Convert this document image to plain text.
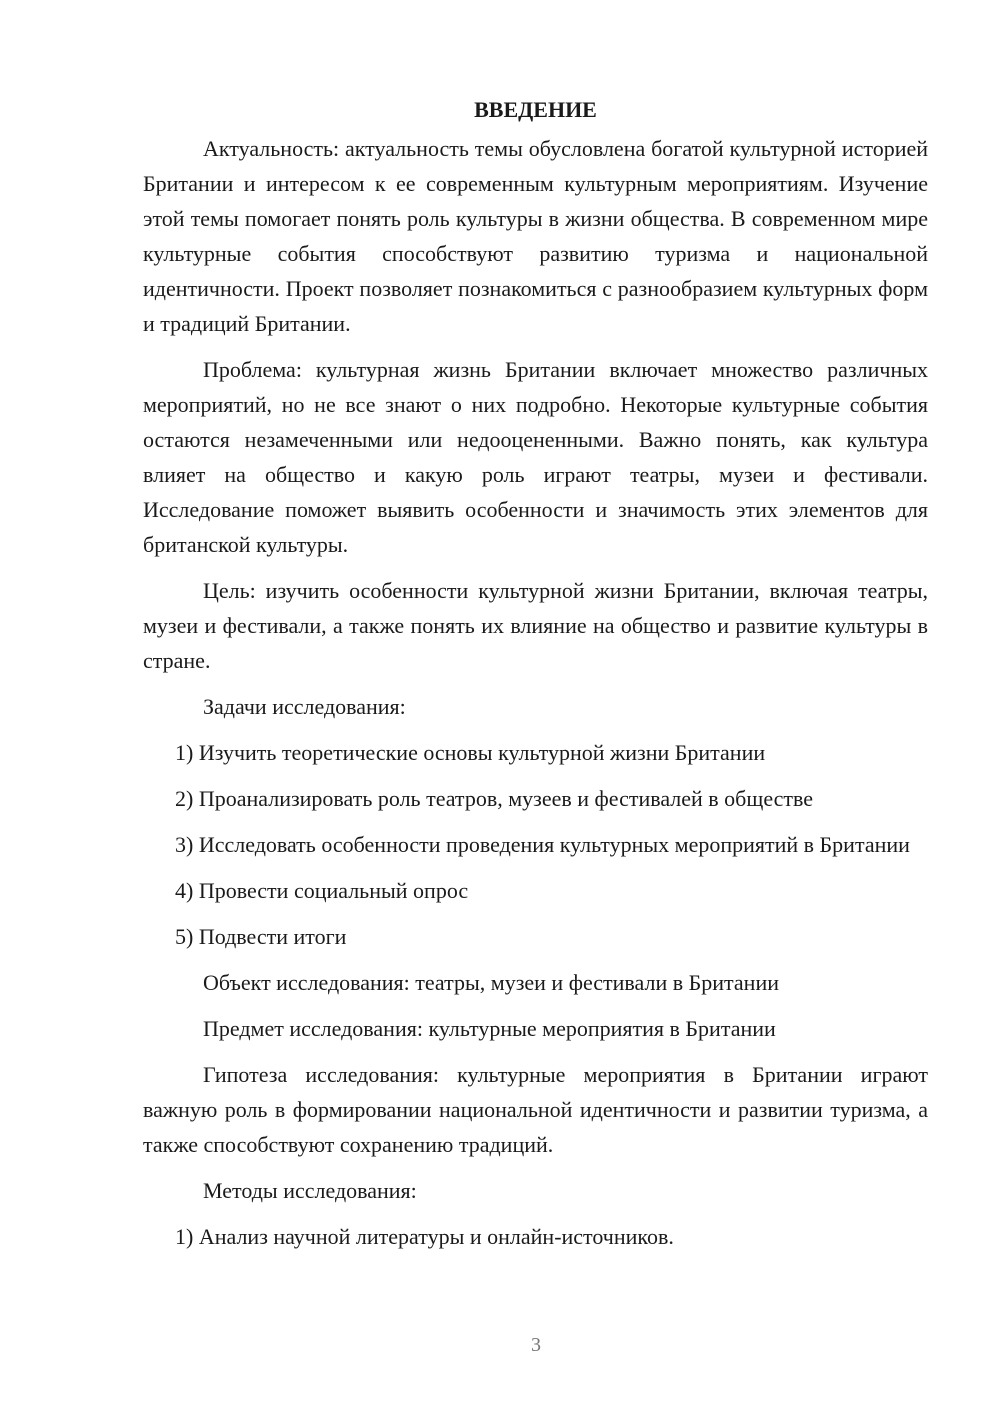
ВВЕДЕНИЕ

Актуальность: актуальность темы обусловлена богатой культурной историей Британии и интересом к ее современным культурным мероприятиям. Изучение этой темы помогает понять роль культуры в жизни общества. В современном мире культурные события способствуют развитию туризма и национальной идентичности. Проект позволяет познакомиться с разнообразием культурных форм и традиций Британии.

Проблема: культурная жизнь Британии включает множество различных мероприятий, но не все знают о них подробно. Некоторые культурные события остаются незамеченными или недооцененными. Важно понять, как культура влияет на общество и какую роль играют театры, музеи и фестивали. Исследование поможет выявить особенности и значимость этих элементов для британской культуры.

Цель: изучить особенности культурной жизни Британии, включая театры, музеи и фестивали, а также понять их влияние на общество и развитие культуры в стране.

Задачи исследования:

1) Изучить теоретические основы культурной жизни Британии

2) Проанализировать роль театров, музеев и фестивалей в обществе

3) Исследовать особенности проведения культурных мероприятий в Британии

4) Провести социальный опрос

5) Подвести итоги

Объект исследования: театры, музеи и фестивали в Британии

Предмет исследования: культурные мероприятия в Британии

Гипотеза исследования: культурные мероприятия в Британии играют важную роль в формировании национальной идентичности и развитии туризма, а также способствуют сохранению традиций.

Методы исследования:

1) Анализ научной литературы и онлайн-источников.

3
